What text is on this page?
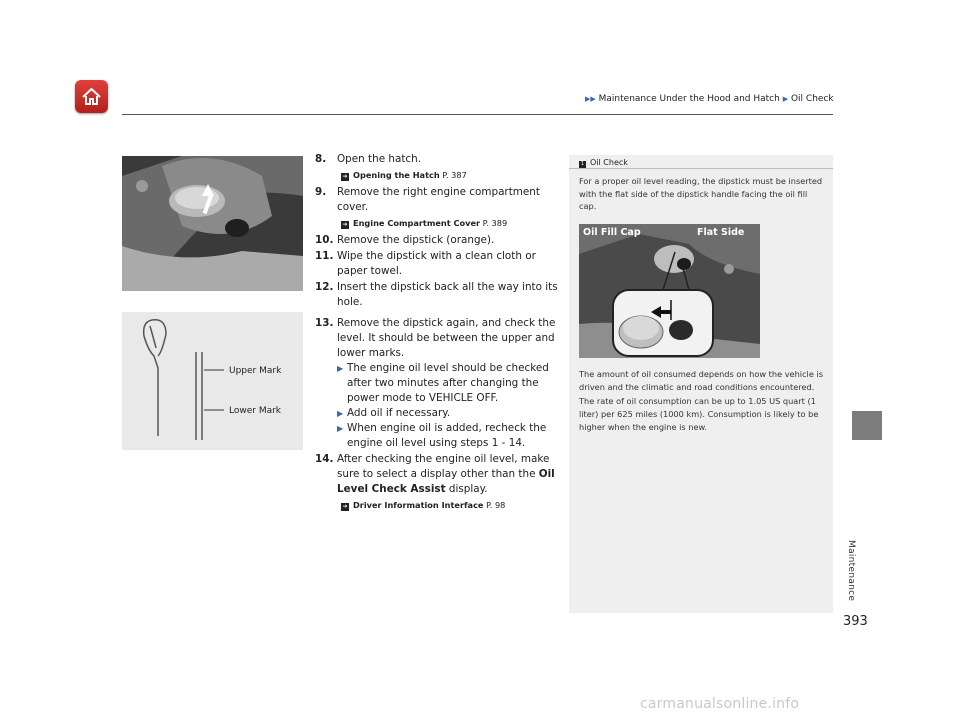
▶▶ Maintenance Under the Hood and Hatch ▶ Oil Check
Maintenance
Upper Mark
Lower Mark
8. Open the hatch.
➔ Opening the Hatch P. 387
9. Remove the right engine compartment cover.
➔ Engine Compartment Cover P. 389
10. Remove the dipstick (orange).
11. Wipe the dipstick with a clean cloth or paper towel.
12. Insert the dipstick back all the way into its hole.
13. Remove the dipstick again, and check the level. It should be between the upper and lower marks.
▶ The engine oil level should be checked after two minutes after changing the power mode to VEHICLE OFF.
▶ Add oil if necessary.
▶ When engine oil is added, recheck the engine oil level using steps 1 - 14.
14. After checking the engine oil level, make sure to select a display other than the Oil Level Check Assist display.
➔ Driver Information Interface P. 98
1 Oil Check
For a proper oil level reading, the dipstick must be inserted with the flat side of the dipstick handle facing the oil fill cap.
Oil Fill Cap	Flat Side
The amount of oil consumed depends on how the vehicle is driven and the climatic and road conditions encountered. The rate of oil consumption can be up to 1.05 US quart (1 liter) per 625 miles (1000 km). Consumption is likely to be higher when the engine is new.
393
carmanualsonline.info
